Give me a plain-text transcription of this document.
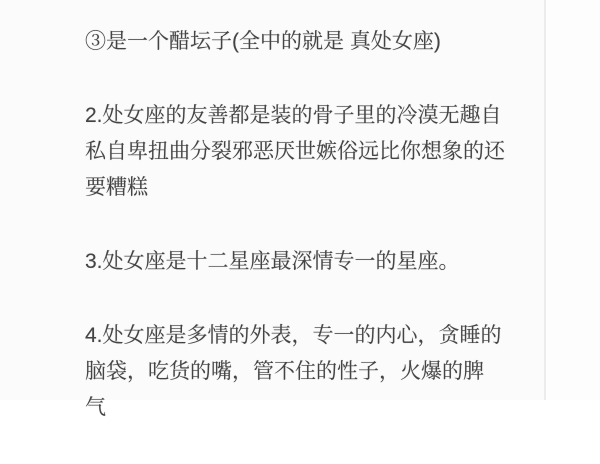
③是一个醋坛子(全中的就是 真处女座)
2.处女座的友善都是装的骨子里的冷漠无趣自
私自卑扭曲分裂邪恶厌世嫉俗远比你想象的还
要糟糕
3.处女座是十二星座最深情专一的星座。
4.处女座是多情的外表，专一的内心，贪睡的
脑袋，吃货的嘴，管不住的性子，火爆的脾
气
